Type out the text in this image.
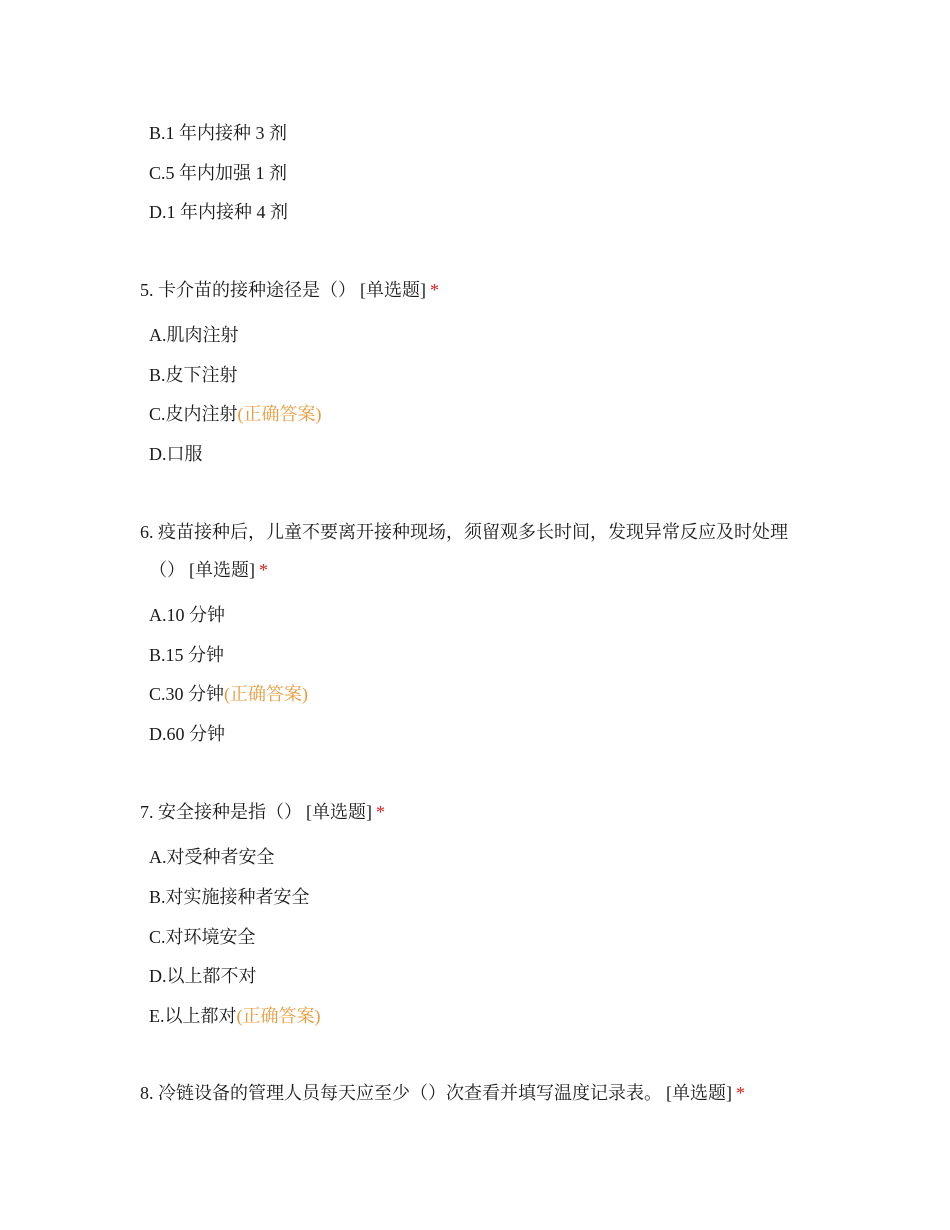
B.1 年内接种 3 剂
C.5 年内加强 1 剂
D.1 年内接种 4 剂
5. 卡介苗的接种途径是（） [单选题] *
A.肌肉注射
B.皮下注射
C.皮内注射(正确答案)
D.口服
6. 疫苗接种后，儿童不要离开接种现场，须留观多长时间，发现异常反应及时处理
（） [单选题] *
A.10 分钟
B.15 分钟
C.30 分钟(正确答案)
D.60 分钟
7. 安全接种是指（） [单选题] *
A.对受种者安全
B.对实施接种者安全
C.对环境安全
D.以上都不对
E.以上都对(正确答案)
8. 冷链设备的管理人员每天应至少（）次查看并填写温度记录表。 [单选题] *
